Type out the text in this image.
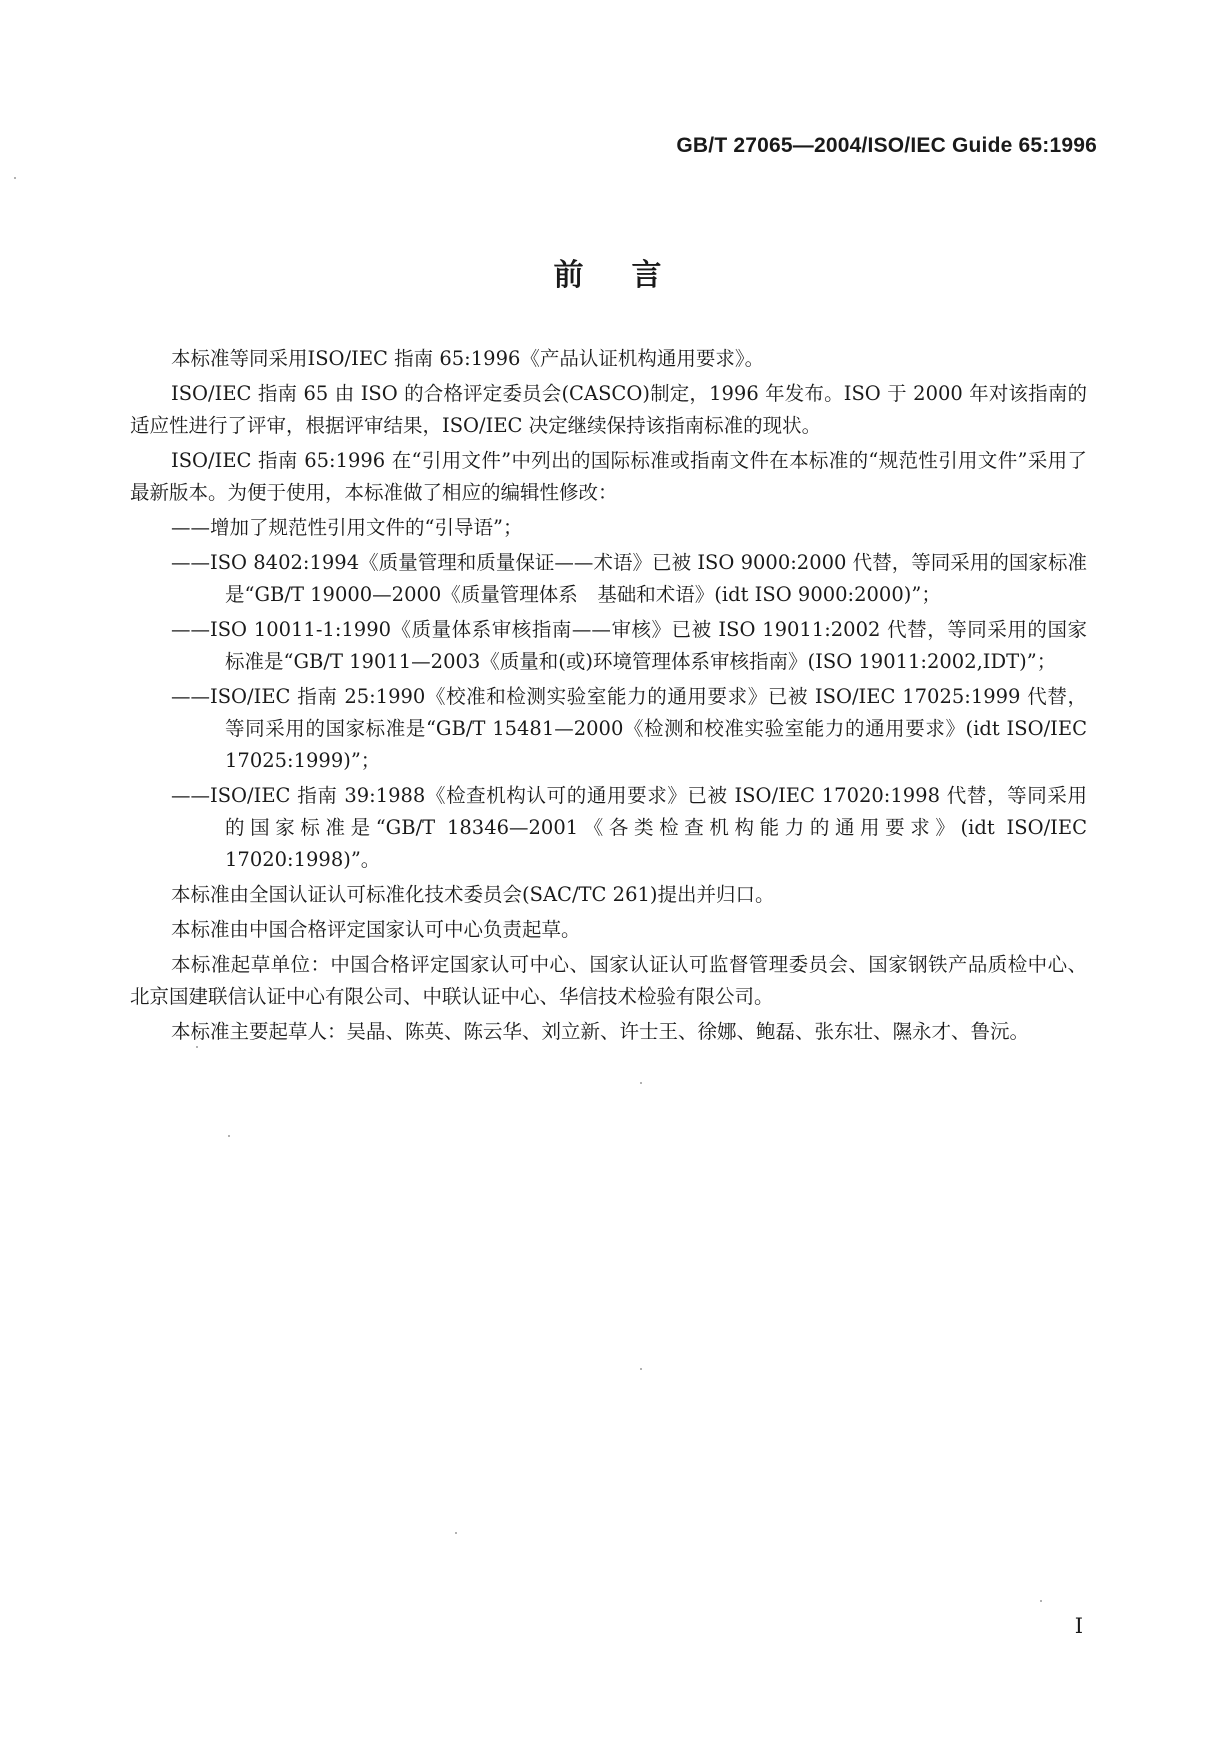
GB/T 27065—2004/ISO/IEC Guide 65:1996
前言

本标准等同采用ISO/IEC 指南 65:1996《产品认证机构通用要求》。

ISO/IEC 指南 65 由 ISO 的合格评定委员会(CASCO)制定，1996 年发布。ISO 于 2000 年对该指南的适应性进行了评审，根据评审结果，ISO/IEC 决定继续保持该指南标准的现状。

ISO/IEC 指南 65:1996 在“引用文件”中列出的国际标准或指南文件在本标准的“规范性引用文件”采用了最新版本。为便于使用，本标准做了相应的编辑性修改：

——增加了规范性引用文件的“引导语”；

——ISO 8402:1994《质量管理和质量保证——术语》已被 ISO 9000:2000 代替，等同采用的国家标准是“GB/T 19000—2000《质量管理体系　基础和术语》(idt ISO 9000:2000)”；

——ISO 10011-1:1990《质量体系审核指南——审核》已被 ISO 19011:2002 代替，等同采用的国家标准是“GB/T 19011—2003《质量和(或)环境管理体系审核指南》(ISO 19011:2002,IDT)”；

——ISO/IEC 指南 25:1990《校准和检测实验室能力的通用要求》已被 ISO/IEC 17025:1999 代替，等同采用的国家标准是“GB/T 15481—2000《检测和校准实验室能力的通用要求》(idt ISO/IEC 17025:1999)”；

——ISO/IEC 指南 39:1988《检查机构认可的通用要求》已被 ISO/IEC 17020:1998 代替，等同采用的国家标准是“GB/T 18346—2001《各类检查机构能力的通用要求》(idt ISO/IEC 17020:1998)”。

本标准由全国认证认可标准化技术委员会(SAC/TC 261)提出并归口。

本标准由中国合格评定国家认可中心负责起草。

本标准起草单位：中国合格评定国家认可中心、国家认证认可监督管理委员会、国家钢铁产品质检中心、北京国建联信认证中心有限公司、中联认证中心、华信技术检验有限公司。

本标准主要起草人：吴晶、陈英、陈云华、刘立新、许士王、徐娜、鲍磊、张东壮、隰永才、鲁沅。

I
